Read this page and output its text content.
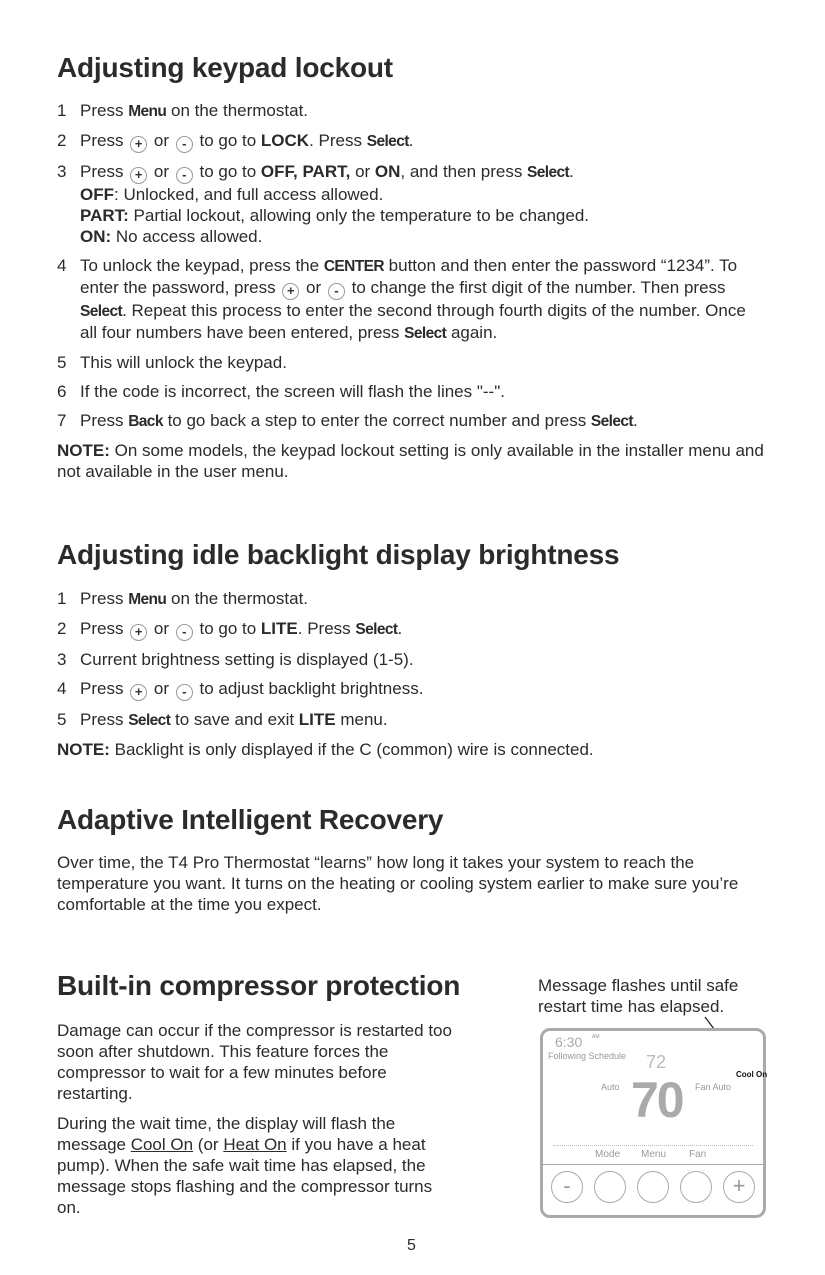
Adjusting keypad lockout
1 Press Menu on the thermostat.
2 Press + or - to go to LOCK. Press Select.
3 Press + or - to go to OFF, PART, or ON, and then press Select.
OFF: Unlocked, and full access allowed.
PART: Partial lockout, allowing only the temperature to be changed.
ON: No access allowed.
4 To unlock the keypad, press the CENTER button and then enter the password “1234”. To enter the password, press + or - to change the first digit of the number. Then press Select. Repeat this process to enter the second through fourth digits of the number. Once all four numbers have been entered, press Select again.
5 This will unlock the keypad.
6 If the code is incorrect, the screen will flash the lines "--".
7 Press Back to go back a step to enter the correct number and press Select.

NOTE: On some models, the keypad lockout setting is only available in the installer menu and not available in the user menu.

Adjusting idle backlight display brightness
1 Press Menu on the thermostat.
2 Press + or - to go to LITE. Press Select.
3 Current brightness setting is displayed (1-5).
4 Press + or - to adjust backlight brightness.
5 Press Select to save and exit LITE menu.

NOTE: Backlight is only displayed if the C (common) wire is connected.

Adaptive Intelligent Recovery

Over time, the T4 Pro Thermostat “learns” how long it takes your system to reach the temperature you want. It turns on the heating or cooling system earlier to make sure you’re comfortable at the time you expect.

Built-in compressor protection

Damage can occur if the compressor is restarted too soon after shutdown. This feature forces the compressor to wait for a few minutes before restarting.

During the wait time, the display will flash the message Cool On (or Heat On if you have a heat pump). When the safe wait time has elapsed, the message stops flashing and the compressor turns on.

Message flashes until safe restart time has elapsed.
6:30 AM
Following Schedule 72
Auto 70 Fan Auto
Cool On
Mode Menu Fan
-	+
5
